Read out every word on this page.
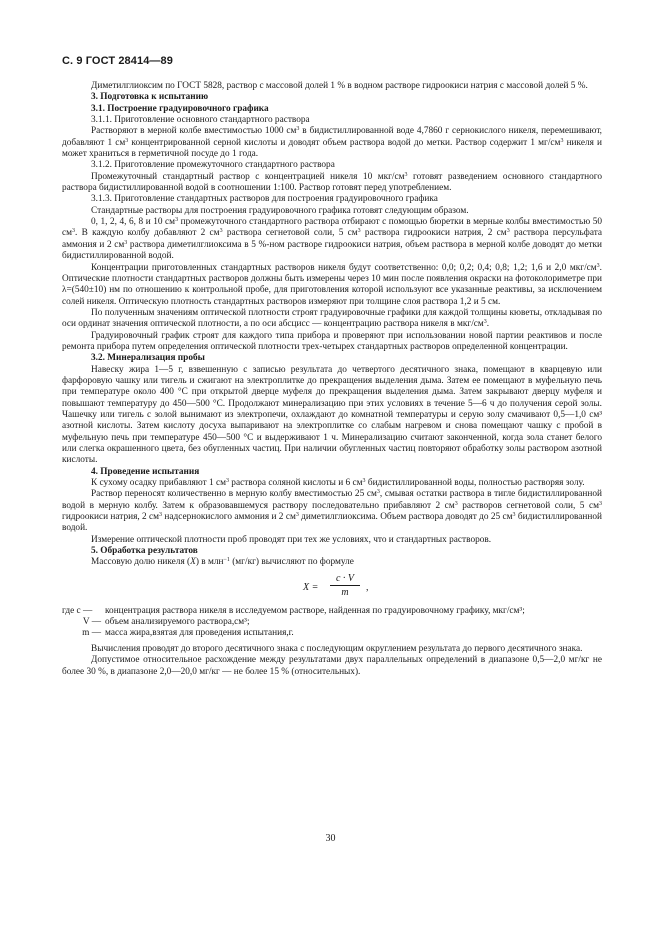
С. 9 ГОСТ 28414—89

Диметилглиоксим по ГОСТ 5828, раствор с массовой долей 1 % в водном растворе гидроокиси натрия с массовой долей 5 %.

3. Подготовка к испытанию

3.1. Построение градуировочного графика

3.1.1. Приготовление основного стандартного раствора

Растворяют в мерной колбе вместимостью 1000 $см^3$ в бидистиллированной воде 4,7860 г сернокислого никеля, перемешивают, добавляют 1 $см^3$ концентрированной серной кислоты и доводят объем раствора водой до метки. Раствор содержит 1 $мг/см^3$ никеля и может храниться в герметичной посуде до 1 года.

3.1.2. Приготовление промежуточного стандартного раствора

Промежуточный стандартный раствор с концентрацией никеля 10 мкг/$см^3$ готовят разведением основного стандартного раствора бидистиллированной водой в соотношении 1:100. Раствор готовят перед употреблением.

3.1.3. Приготовление стандартных растворов для построения градуировочного графика

Стандартные растворы для построения градуировочного графика готовят следующим образом.

0, 1, 2, 4, 6, 8 и 10 $см^3$ промежуточного стандартного раствора отбирают с помощью бюретки в мерные колбы вместимостью 50 $см^3$. В каждую колбу добавляют 2 $см^3$ раствора сегнетовой соли, 5 $см^3$ раствора гидроокиси натрия, 2 $см^3$ раствора персульфата аммония и 2 $см^3$ раствора диметилглиоксима в 5 %-ном растворе гидроокиси натрия, объем раствора в мерной колбе доводят до метки бидистиллированной водой.

Концентрации приготовленных стандартных растворов никеля будут соответственно: 0,0; 0,2; 0,4; 0,8; 1,2; 1,6 и 2,0 мкг/$см^3$. Оптические плотности стандартных растворов должны быть измерены через 10 мин после появления окраски на фотоколориметре при λ=(540±10) нм по отношению к контрольной пробе, для приготовления которой используют все указанные реактивы, за исключением солей никеля. Оптическую плотность стандартных растворов измеряют при толщине слоя раствора 1,2 и 5 см.

По полученным значениям оптической плотности строят градуировочные графики для каждой толщины кюветы, откладывая по оси ординат значения оптической плотности, а по оси абсцисс — концентрацию раствора никеля в мкг/$см^3$.

Градуировочный график строят для каждого типа прибора и проверяют при использовании новой партии реактивов и после ремонта прибора путем определения оптической плотности трех-четырех стандартных растворов определенной концентрации.

3.2. Минерализация пробы

Навеску жира 1—5 г, взвешенную с записью результата до четвертого десятичного знака, помещают в кварцевую или фарфоровую чашку или тигель и сжигают на электроплитке до прекращения выделения дыма. Затем ее помещают в муфельную печь при температуре около 400 °С при открытой дверце муфеля до прекращения выделения дыма. Затем закрывают дверцу муфеля и повышают температуру до 450—500 °С. Продолжают минерализацию при этих условиях в течение 5—6 ч до получения серой золы. Чашечку или тигель с золой вынимают из электропечи, охлаждают до комнатной температуры и серую золу смачивают 0,5—1,0 см³ азотной кислоты. Затем кислоту досуха выпаривают на электроплитке со слабым нагревом и снова помещают чашку с пробой в муфельную печь при температуре 450—500 °С и выдерживают 1 ч. Минерализацию считают законченной, когда зола станет белого или слегка окрашенного цвета, без обугленных частиц. При наличии обугленных частиц повторяют обработку золы раствором азотной кислоты.

4. Проведение испытания

К сухому осадку прибавляют 1 $см^3$ раствора соляной кислоты и 6 $см^3$ бидистиллированной воды, полностью растворяя золу.

Раствор переносят количественно в мерную колбу вместимостью 25 $см^3$, смывая остатки раствора в тигле бидистиллированной водой в мерную колбу. Затем к образовавшемуся раствору последовательно прибавляют 2 $см^3$ растворов сегнетовой соли, 5 $см^3$ гидроокиси натрия, 2 $см^3$ надсернокислого аммония и 2 $см^3$ диметилглиоксима. Объем раствора доводят до 25 $см^3$ бидистиллированной водой.

Измерение оптической плотности проб проводят при тех же условиях, что и стандартных растворов.

5. Обработка результатов

Массовую долю никеля (X) в млн$^{-1}$ (мг/кг) вычисляют по формуле

$X = \frac{c \cdot V}{m}$ ,
где c —	концентрация раствора никеля в исследуемом растворе, найденная по градуировочному графику, мкг/см³;
V — объем анализируемого раствора,см³;
m — масса жира,взятая для проведения испытания,г.

Вычисления проводят до второго десятичного знака с последующим округлением результата до первого десятичного знака.

Допустимое относительное расхождение между результатами двух параллельных определений в диапазоне 0,5—2,0 мг/кг не более 30 %, в диапазоне 2,0—20,0 мг/кг — не более 15 % (относительных).

30
